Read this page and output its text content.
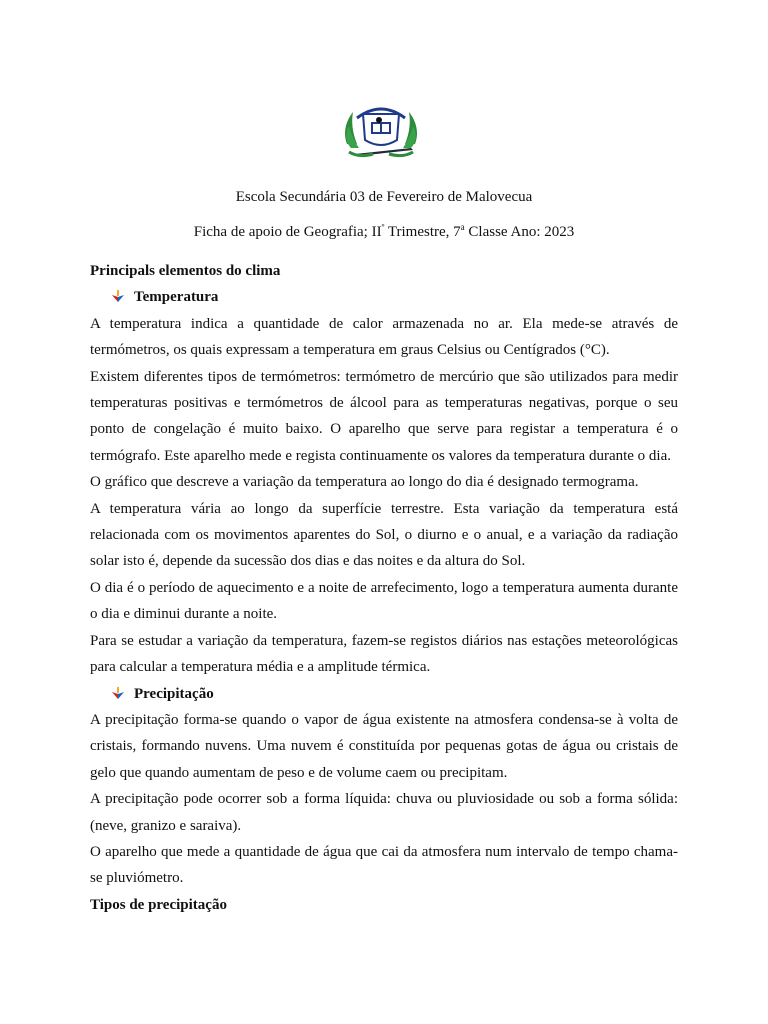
Escola Secundária 03 de Fevereiro de Malovecua
Ficha de apoio de Geografia; $II^º$ Trimestre, 7$^a$ Classe Ano: 2023

Principals elementos do clima

Temperatura

A temperatura indica a quantidade de calor armazenada no ar. Ela mede-se através de termómetros, os quais expressam a temperatura em graus Celsius ou Centígrados (°C).

Existem diferentes tipos de termómetros: termómetro de mercúrio que são utilizados para medir temperaturas positivas e termómetros de álcool para as temperaturas negativas, porque o seu ponto de congelação é muito baixo. O aparelho que serve para registar a temperatura é o termógrafo. Este aparelho mede e regista continuamente os valores da temperatura durante o dia.

O gráfico que descreve a variação da temperatura ao longo do dia é designado termograma.

A temperatura vária ao longo da superfície terrestre. Esta variação da temperatura está relacionada com os movimentos aparentes do Sol, o diurno e o anual, e a variação da radiação solar isto é, depende da sucessão dos dias e das noites e da altura do Sol.

O dia é o período de aquecimento e a noite de arrefecimento, logo a temperatura aumenta durante o dia e diminui durante a noite.

Para se estudar a variação da temperatura, fazem-se registos diários nas estações meteorológicas para calcular a temperatura média e a amplitude térmica.

Precipitação

A precipitação forma-se quando o vapor de água existente na atmosfera condensa-se à volta de cristais, formando nuvens. Uma nuvem é constituída por pequenas gotas de água ou cristais de gelo que quando aumentam de peso e de volume caem ou precipitam.

A precipitação pode ocorrer sob a forma líquida: chuva ou pluviosidade ou sob a forma sólida: (neve, granizo e saraiva).

O aparelho que mede a quantidade de água que cai da atmosfera num intervalo de tempo chama-se pluviómetro.

Tipos de precipitação
